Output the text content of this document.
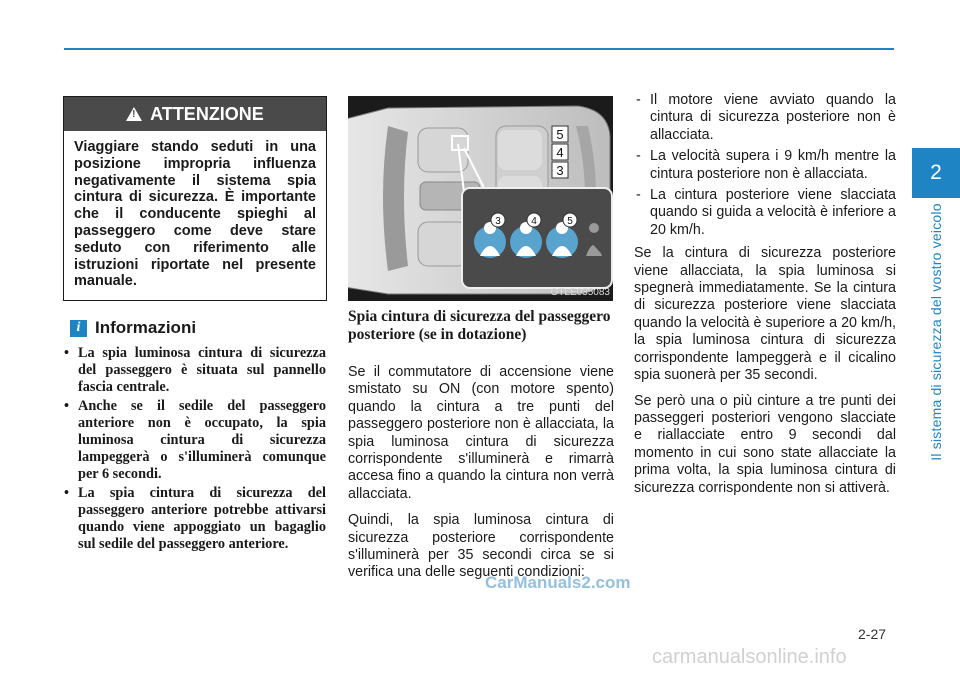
2
Il sistema di sicurezza del vostro veicolo
!
ATTENZIONE
Viaggiare stando seduti in una posizione impropria influenza negativamente il sistema spia cintura di sicurezza. È importante che il conducente spieghi al passeggero come deve stare seduto con riferimento alle istruzioni riportate nel presente manuale.
i Informazioni
• La spia luminosa cintura di sicurezza del passeggero è situata sul pannello fascia centrale.
• Anche se il sedile del passeggero anteriore non è occupato, la spia luminosa cintura di sicurezza lampeggerà o s'illuminerà comunque per 6 secondi.
• La spia cintura di sicurezza del passeggero anteriore potrebbe attivarsi quando viene appoggiato un bagaglio sul sedile del passeggero anteriore.
5
4
3
3	4	5
OTLE035083
Spia cintura di sicurezza del passeggero posteriore (se in dotazione)

Se il commutatore di accensione viene smistato su ON (con motore spento) quando la cintura a tre punti del passeggero posteriore non è allacciata, la spia luminosa cintura di sicurezza corrispondente s'illuminerà e rimarrà accesa fino a quando la cintura non verrà allacciata.

Quindi, la spia luminosa cintura di sicurezza posteriore corrispondente s'illuminerà per 35 secondi circa se si verifica una delle seguenti condizioni:

- Il motore viene avviato quando la cintura di sicurezza posteriore non è allacciata.
- La velocità supera i 9 km/h mentre la cintura posteriore non è allacciata.
- La cintura posteriore viene slacciata quando si guida a velocità è inferiore a 20 km/h.

Se la cintura di sicurezza posteriore viene allacciata, la spia luminosa si spegnerà immediatamente. Se la cintura di sicurezza posteriore viene slacciata quando la velocità è superiore a 20 km/h, la spia luminosa cintura di sicurezza corrispondente lampeggerà e il cicalino spia suonerà per 35 secondi.

Se però una o più cinture a tre punti dei passeggeri posteriori vengono slacciate e riallacciate entro 9 secondi dal momento in cui sono state allacciate la prima volta, la spia luminosa cintura di sicurezza corrispondente non si attiverà.

CarManuals2.com
2-27
carmanualsonline.info
